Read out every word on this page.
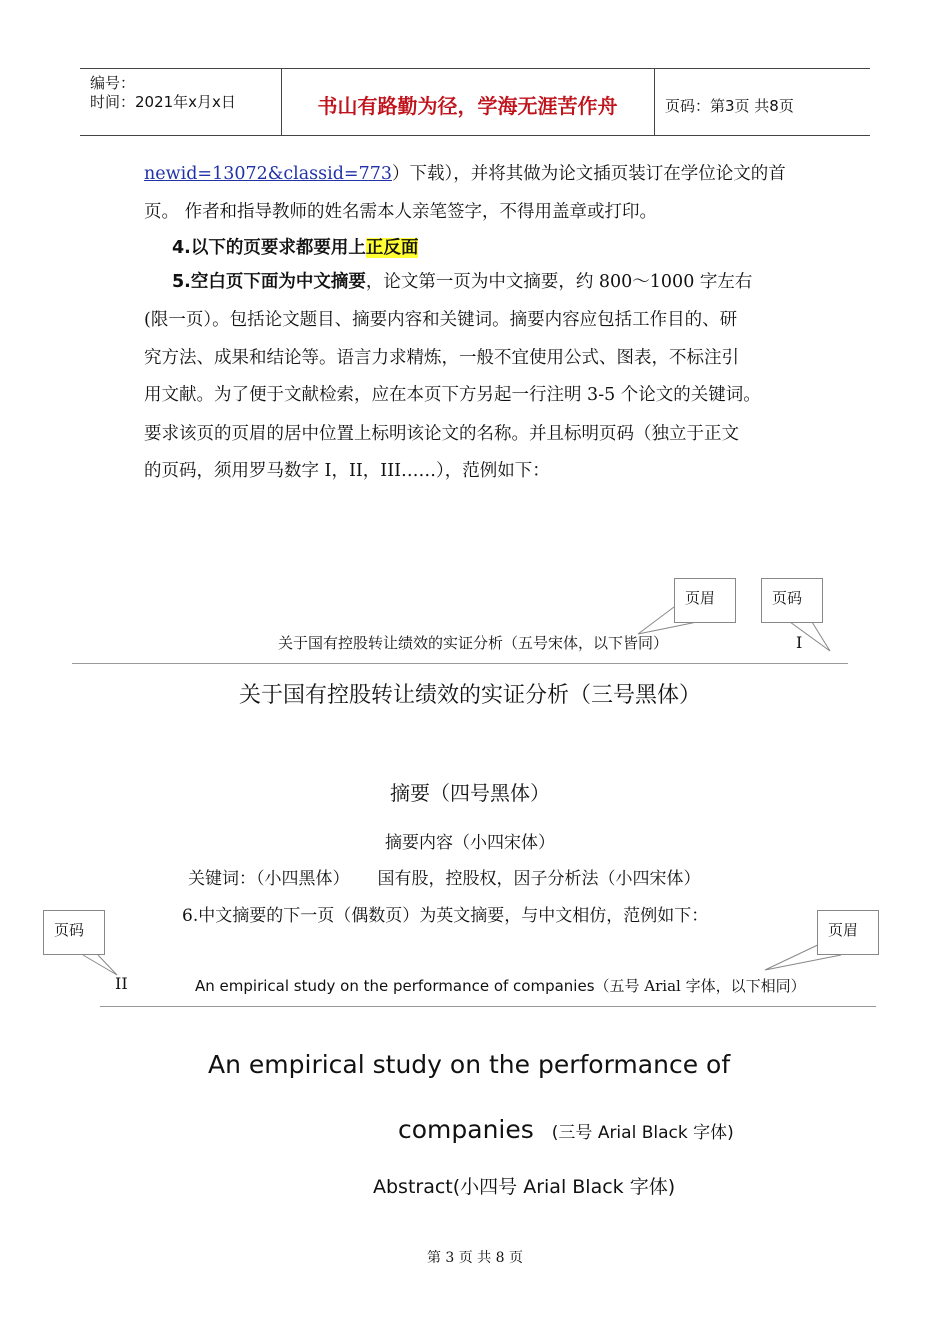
编号：
时间：2021年x月x日	书山有路勤为径，学海无涯苦作舟	页码：第3页 共8页
newid=13072&classid=773）下载），并将其做为论文插页装订在学位论文的首
页。 作者和指导教师的姓名需本人亲笔签字，不得用盖章或打印。
4.以下的页要求都要用上正反面
5.空白页下面为中文摘要，论文第一页为中文摘要，约 800～1000 字左右
(限一页）。包括论文题目、摘要内容和关键词。摘要内容应包括工作目的、研
究方法、成果和结论等。语言力求精炼，一般不宜使用公式、图表，不标注引
用文献。为了便于文献检索，应在本页下方另起一行注明 3-5 个论文的关键词。
要求该页的页眉的居中位置上标明该论文的名称。并且标明页码（独立于正文
的页码，须用罗马数字 I，II，III……），范例如下：
页眉	页码
关于国有控股转让绩效的实证分析（五号宋体，以下皆同）	I
关于国有控股转让绩效的实证分析（三号黑体）
摘要（四号黑体）
摘要内容（小四宋体）
关键词：（小四黑体） 国有股，控股权，因子分析法（小四宋体）
6.中文摘要的下一页（偶数页）为英文摘要，与中文相仿，范例如下：
页码	页眉
II	An empirical study on the performance of companies（五号 Arial 字体，以下相同）
An empirical study on the performance of
companies (三号 Arial Black 字体)
Abstract(小四号 Arial Black 字体)
第 3 页 共 8 页
